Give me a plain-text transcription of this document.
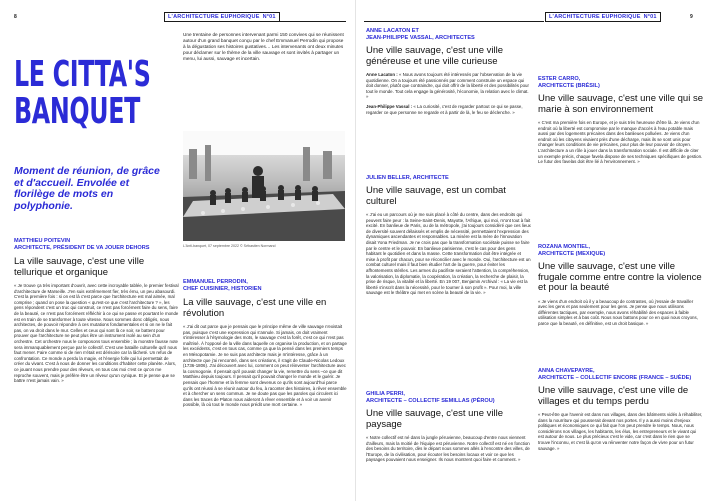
8	L'ARCHITECTURE EUPHORIQUE N°01	L'ARCHITECTURE EUPHORIQUE N°01	9
LE CITTA'S
BANQUET
Moment de réunion, de grâce et d'accueil. Envolée et florilège de mots en polyphonie.
Une trentaine de personnes intervenant parmi 150 convives qui se réunissent autour d'un grand banquet conçu par le chef Emmanuel Perrodin qui propose à la dégustation ses histoires gustatives… Les intervenants ont deux minutes pour déclamer sur le thème de la ville sauvage et sont invités à partager un menu, lui aussi, sauvage et incertain.
L'Anti-banquet, 07 septembre 2022 © Sébastien Normand
MATTHIEU POITEVIN
ARCHITECTE, PRÉSIDENT DE VA JOUER DEHORS
La ville sauvage, c'est une ville tellurique et organique
« Je trouve ça très important d'ouvrir, avec cette incroyable tablée, le premier festival d'architecture de Marseille. J'en suis extrêmement fier, très ému, un peu abasourdi. C'est la première fois : si on est là c'est parce que l'architecture est mal aimée, mal comprise ; quand on pose la question « qu'est-ce que c'est l'architecture ? », les gens répondent c'est un truc qui construit, ce n'est pas forcément faire du sens, faire de la beauté, ce n'est pas forcément réfléchir à ce qui se passe et pourtant le monde est en train de se transformer à toute vitesse. Nous sommes donc obligés, nous architectes, de pouvoir répondre à ces mutations fondamentales et si on ne le fait pas, on va droit dans le mur. Celles et ceux qui sont là ce soir, se battent pour prouver que l'architecture ne peut plus être un instrument isolé au sein d'un orchestre. Cet orchestre nous le composons tous ensemble ; la monstre fausse note sera immanquablement perçue par le collectif. C'est une bataille culturelle qu'il nous faut mener. Faire comme si de rien n'était est dérisoire car la lâcheté. Un refus de confrontation. Ce monde a perdu la magie, et l'énergie folle qui lui permettait de créer du vivant. C'est à nous de donner les conditions d'habiter cette planète. Alors, ce jouant nous prendre pour des rêveurs, en tous cas moi c'est ce qu'on me reproche souvent, mais je préfère être un rêveur qu'un cynique. Et je pense que se battre n'est jamais vain. »
EMMANUEL PERRODIN,
CHEF CUISINIER, HISTORIEN
La ville sauvage, c'est une ville en révolution
« J'ai dit out parce que je pensais que le principe même de ville sauvage n'existait pas, puisque c'est une expression qui s'annule. Si jamais, on doit vraiment s'intéresser à l'étymologie des mots, le sauvage c'est la forêt, c'est ce qui n'est pas maîtrisé. À l'opposé de la ville dans laquelle on organise la production, et on partage les excédents, c'est en tous cas, comme ça que la pensé dans les premiers temps en Mésopotamie. Je ne suis pas architecte mais je m'intéresse, grâce à un architecte que j'ai rencontré, dans ses créations, il s'agit de Claude-Nicolas Ledoux (1736-1806). J'ai découvert avec lui, comment on peut réinventer l'architecture avec la cosmogonie. Il pensait qu'il pouvait changer la vie, remettre du sens –ce que dit Matthieu depuis toujours. Il pensait qu'il pouvait changer le monde et le guérir. Je pensais que l'homme et la femme sont devenus ce qu'ils sont aujourd'hui parce qu'ils ont réussi à se réunir autour du feu, à raconter des histoires, à rêver ensemble et à chercher un sens commun. Je ne doute pas que les paroles qui circulent ici dans les traces de Platon nous aideront à rêver ensemble et à voir un avenir possible, là où tout le monde nous prédit une mort certaine. »
ANNE LACATON ET
JEAN-PHILIPPE VASSAL, ARCHITECTES
Une ville sauvage, c'est une ville généreuse et une ville curieuse
Anne Lacaton : « Nous avons toujours été intéressés par l'observation de la vie quotidienne. On a toujours été passionnés par comment construire un espace qui doit donner, plutôt que contraindre, qui doit offrir de la liberté et des possibilités pour tout le monde. Tout cela engage la générosité, l'économie, la relation avec le climat. »
Jean-Philippe Vassal : « La curiosité, c'est de regarder partout ce qui se passe, regarder ce que personne ne regarde et à partir de là, le feu se déclenche. »
JULIEN BELLER, ARCHITECTE
Une ville sauvage, est un combat culturel
« J'ai eu un parcours où je me suis placé à côté du centre, dans des endroits qui peuvent faire peur : la Seine-Saint-Denis, Mayotte, l'Afrique, qui moi, m'ont tout à fait excité. En banlieue de Paris, ou de la métropole, j'ai toujours considéré que ces lieux de diversité souvent délaissés et emplis de nécessité, permettaient l'expression des dynamiques ascendantes et responsables. La misère est la mère de l'innovation disait Yona Friedman. Je ne crois pas que la transformation sociétale puisse se faire par le centre et le pouvoir. En banlieue parisienne, c'est le cas pour des gens habitant le quotidien et dans la masse. Cette transformation doit être intégrée et mise à profit par chacun, pour se réconcilier avec le monde. Oui, l'architecture est un combat culturel mais il faut bien étudier l'art de la guerre, pour éviter les affrontements stériles. Les armes du pacifiste seraient l'attention, la compréhension, la valorisation, la diplomatie, la coopération, la création, la recherche de plaisir, la prise de risque, la vitalité et la liberté. En 19 007, Benjamin Archival : « La vie est la liberté s'inscrit dans la nécessité, pour le tourner à son profit ». Pour moi, la ville sauvage est le théâtre qui met en scène la beauté de la vie. »
GHILIA PERRI,
ARCHITECTE – COLLECTIF SEMILLAS (PÉROU)
Une ville sauvage, c'est une ville paysage
« Notre collectif est né dans la jungle péruvienne, beaucoup d'entre nous viennent d'ailleurs, mais la moitié de l'équipe est péruvienne. Notre collectif est né en fonction des besoins du territoire, dès le départ nous sommes allés à l'encontre des villes, de l'Europe, de la civilisation, pour écouter les besoins locaux et voir ce que les paysages pouvaient nous enseigner. Ils nous montrent quoi faire et comment. »
ESTER CARRO,
ARCHITECTE (BRÉSIL)
Une ville sauvage, c'est une ville qui se marie à son environnement
« C'est ma première fois en Europe, et je suis très heureuse d'être là. Je viens d'un endroit où la liberté est compromise par le manque d'accès à l'eau potable mais aussi par des logements précaires dans des banlieues polluées. Je viens d'un endroit où les citoyens vivaient près d'une décharge, mais ils se sont unis pour changer leurs conditions de vie précaires, pour plus de leur pouvoir de citoyen. L'architecture a un rôle à jouer dans la transformation sociale. Il est difficile de citer un exemple précis, chaque favela dispose de ses techniques spécifiques de gestion. Le futur des favelas doit être lié à l'environnement. »
ROZANA MONTIEL,
ARCHITECTE (MEXIQUE)
Une ville sauvage, c'est une ville frugale comme entre contre la violence et pour la beauté
« Je viens d'un endroit où il y a beaucoup de contrastes, où j'essaie de travailler avec les gens et pas seulement pour les gens. Je pense que nous utilisons différentes tactiques, par exemple, nous avons réhabilité des espaces à faible utilisation simples et à bas coût. Nous nous battons pour ce en quoi nous croyons, parce que la beauté, en définitive, est un droit basique. »
ANNA CHAVEPAYRE,
ARCHITECTE – COLLECTIF ENCORE (FRANCE – SUÈDE)
Une ville sauvage, c'est une ville de villages et du temps perdu
« Peut-être que l'avenir est dans nos villages, dans des bâtiments vidés à réhabiliter, dans la nourriture qui pousserait devant nos portes. Il y a aussi moins d'enjeux politiques et économiques ce qui fait que l'on peut prendre le temps. Nous, nous considérons nos villages, les habitants, les élus, les entrepreneurs et le vivant qui est autour de nous. Le plus précieux c'est le vide, car c'est dans le rien que se trouve l'inconnu, et c'est là qu'on va réinventer notre façon de vivre pour un futur sauvage. »
